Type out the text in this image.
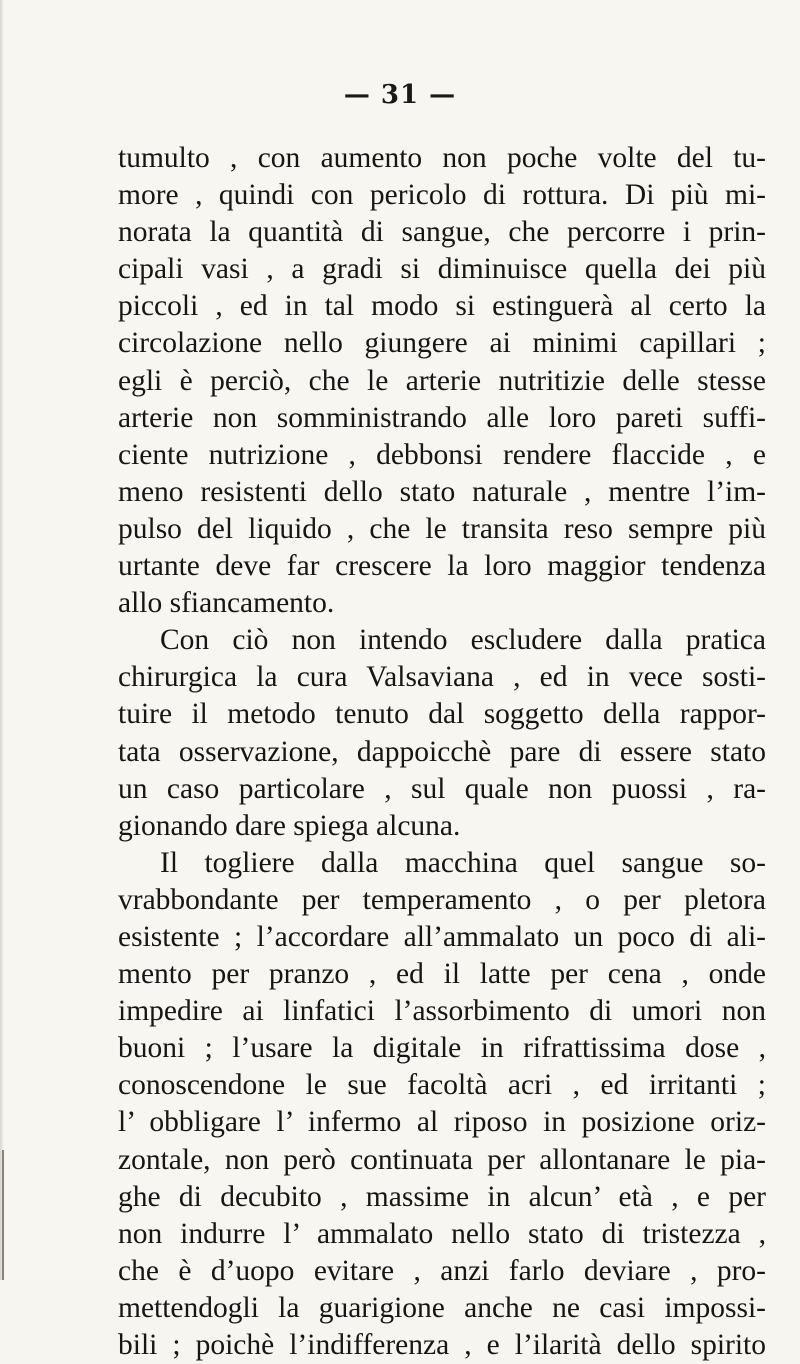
— 31 —
tumulto , con aumento non poche volte del tu-
more , quindi con pericolo di rottura. Di più mi-
norata la quantità di sangue, che percorre i prin-
cipali vasi , a gradi si diminuisce quella dei più
piccoli , ed in tal modo si estinguerà al certo la
circolazione nello giungere ai minimi capillari ;
egli è perciò, che le arterie nutritizie delle stesse
arterie non somministrando alle loro pareti suffi-
ciente nutrizione , debbonsi rendere flaccide , e
meno resistenti dello stato naturale , mentre l’im-
pulso del liquido , che le transita reso sempre più
urtante deve far crescere la loro maggior tendenza
allo sfiancamento.
Con ciò non intendo escludere dalla pratica
chirurgica la cura Valsaviana , ed in vece sosti-
tuire il metodo tenuto dal soggetto della rappor-
tata osservazione, dappoicchè pare di essere stato
un caso particolare , sul quale non puossi , ra-
gionando dare spiega alcuna.
Il togliere dalla macchina quel sangue so-
vrabbondante per temperamento , o per pletora
esistente ; l’accordare all’ammalato un poco di ali-
mento per pranzo , ed il latte per cena , onde
impedire ai linfatici l’assorbimento di umori non
buoni ; l’usare la digitale in rifrattissima dose ,
conoscendone le sue facoltà acri , ed irritanti ;
l’ obbligare l’ infermo al riposo in posizione oriz-
zontale, non però continuata per allontanare le pia-
ghe di decubito , massime in alcun’ età , e per
non indurre l’ ammalato nello stato di tristezza ,
che è d’uopo evitare , anzi farlo deviare , pro-
mettendogli la guarigione anche ne casi impossi-
bili ; poichè l’indifferenza , e l’ilarità dello spirito
